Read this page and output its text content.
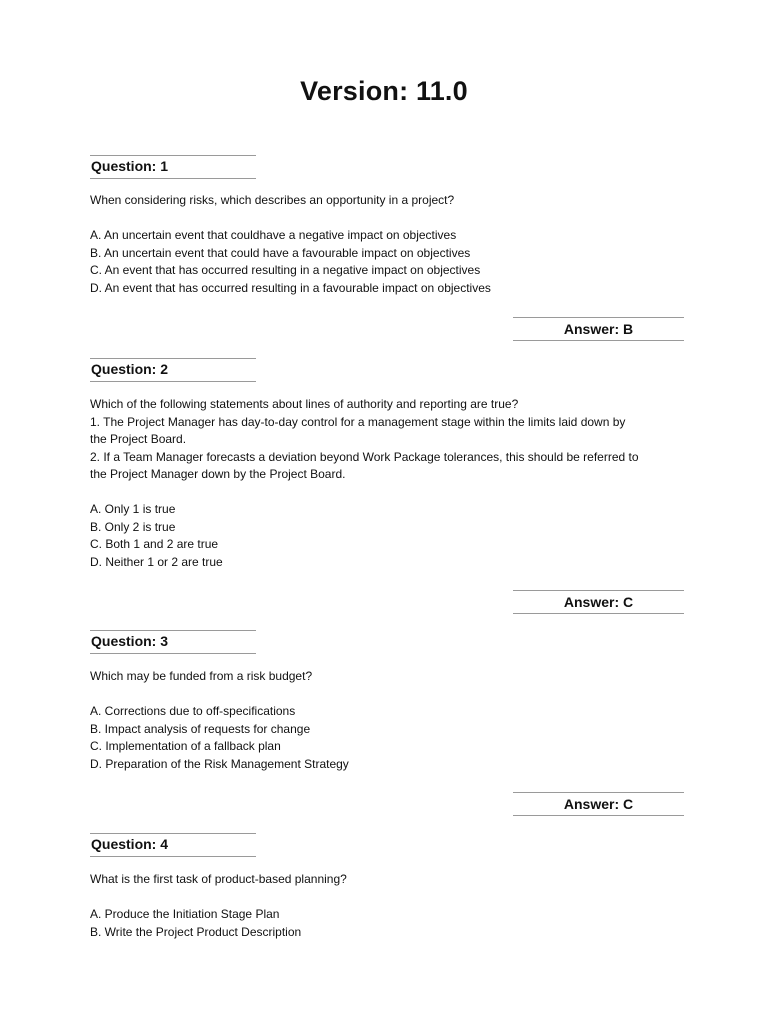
Version: 11.0
Question: 1
When considering risks, which describes an opportunity in a project?
A. An uncertain event that couldhave a negative impact on objectives
B. An uncertain event that could have a favourable impact on objectives
C. An event that has occurred resulting in a negative impact on objectives
D. An event that has occurred resulting in a favourable impact on objectives
Answer: B
Question: 2
Which of the following statements about lines of authority and reporting are true?
1. The Project Manager has day-to-day control for a management stage within the limits laid down by
the Project Board.
2. If a Team Manager forecasts a deviation beyond Work Package tolerances, this should be referred to
the Project Manager down by the Project Board.
A. Only 1 is true
B. Only 2 is true
C. Both 1 and 2 are true
D. Neither 1 or 2 are true
Answer: C
Question: 3
Which may be funded from a risk budget?
A. Corrections due to off-specifications
B. Impact analysis of requests for change
C. Implementation of a fallback plan
D. Preparation of the Risk Management Strategy
Answer: C
Question: 4
What is the first task of product-based planning?
A. Produce the Initiation Stage Plan
B. Write the Project Product Description
